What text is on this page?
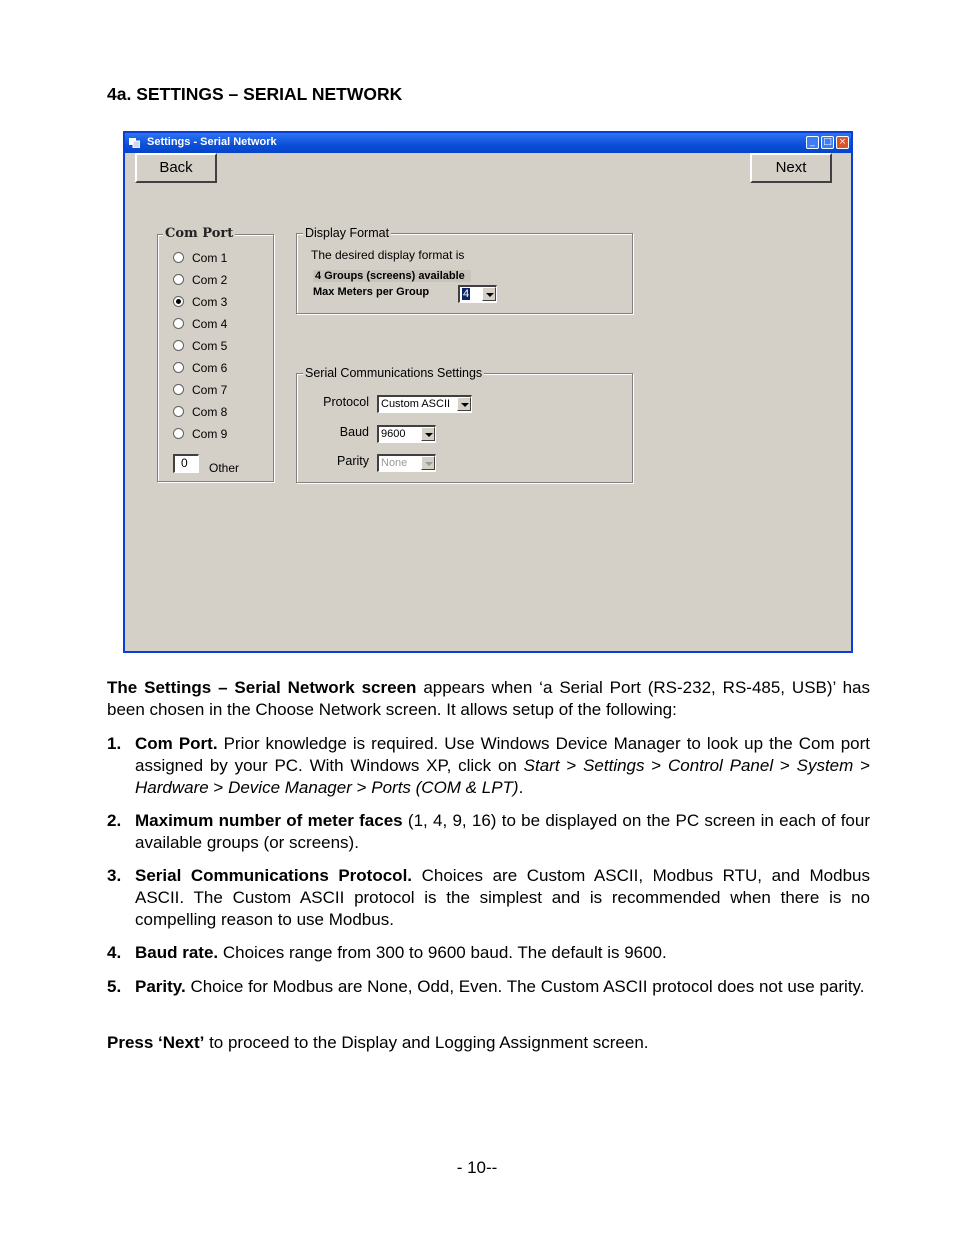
4a. SETTINGS – SERIAL NETWORK
Settings - Serial Network	_ □ ×
Back	Next
Com Port
0	Other
Display Format
The desired display format is
4 Groups (screens) available
Max Meters per Group	4
Serial Communications Settings
Protocol Custom ASCII
Baud 9600
Parity None
Com 1
Com 2
Com 3
Com 4
Com 5
Com 6
Com 7
Com 8
Com 9
The Settings – Serial Network screen appears when ‘a Serial Port (RS-232, RS-485, USB)’ has been chosen in the Choose Network screen. It allows setup of the following:
Press ‘Next’ to proceed to the Display and Logging Assignment screen.
- 10--
1. Com Port. Prior knowledge is required. Use Windows Device Manager to look up the Com port assigned by your PC. With Windows XP, click on Start > Settings > Control Panel > System > Hardware > Device Manager > Ports (COM & LPT).
2. Maximum number of meter faces (1, 4, 9, 16) to be displayed on the PC screen in each of four available groups (or screens).
3. Serial Communications Protocol. Choices are Custom ASCII, Modbus RTU, and Modbus ASCII. The Custom ASCII protocol is the simplest and is recommended when there is no compelling reason to use Modbus.
4. Baud rate. Choices range from 300 to 9600 baud. The default is 9600.
5. Parity. Choice for Modbus are None, Odd, Even. The Custom ASCII protocol does not use parity.
